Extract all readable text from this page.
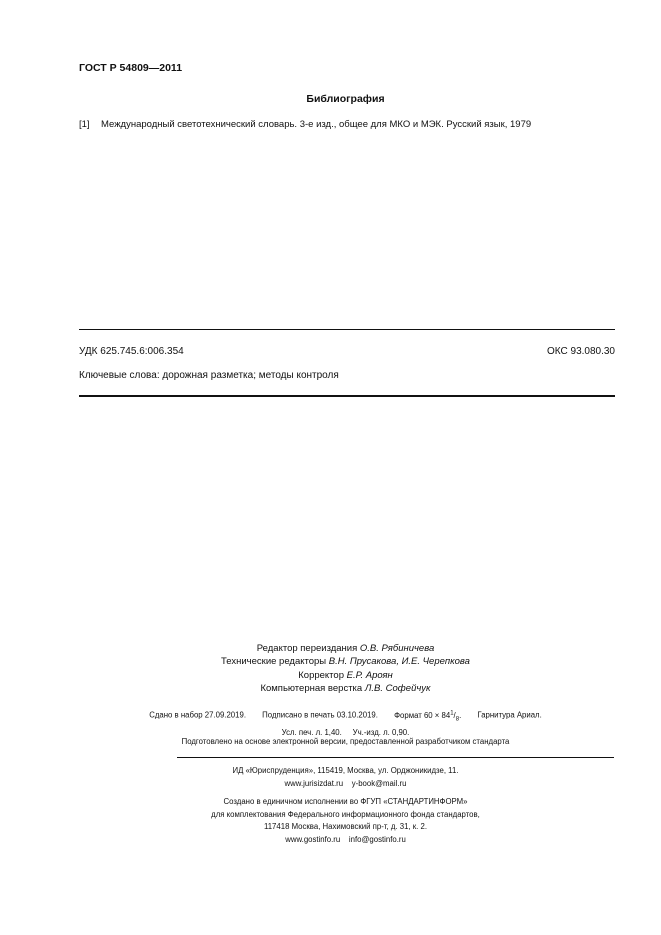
ГОСТ Р 54809—2011
Библиография
[1] Международный светотехнический словарь. 3-е изд., общее для МКО и МЭК. Русский язык, 1979
УДК 625.745.6:006.354	ОКС 93.080.30
Ключевые слова: дорожная разметка; методы контроля
Редактор переиздания О.В. Рябиничева
Технические редакторы В.Н. Прусакова, И.Е. Черепкова
Корректор Е.Р. Ароян
Компьютерная верстка Л.В. Софейчук
Сдано в набор 27.09.2019. Подписано в печать 03.10.2019. Формат $60 \times 84^1/_8$. Гарнитура Ариал.
Усл. печ. л. 1,40. Уч.-изд. л. 0,90.
Подготовлено на основе электронной версии, предоставленной разработчиком стандарта
ИД «Юриспруденция», 115419, Москва, ул. Орджоникидзе, 11.
www.jurisizdat.ru y-book@mail.ru
Создано в единичном исполнении во ФГУП «СТАНДАРТИНФОРМ»
для комплектования Федерального информационного фонда стандартов,
117418 Москва, Нахимовский пр-т, д. 31, к. 2.
www.gostinfo.ru info@gostinfo.ru
